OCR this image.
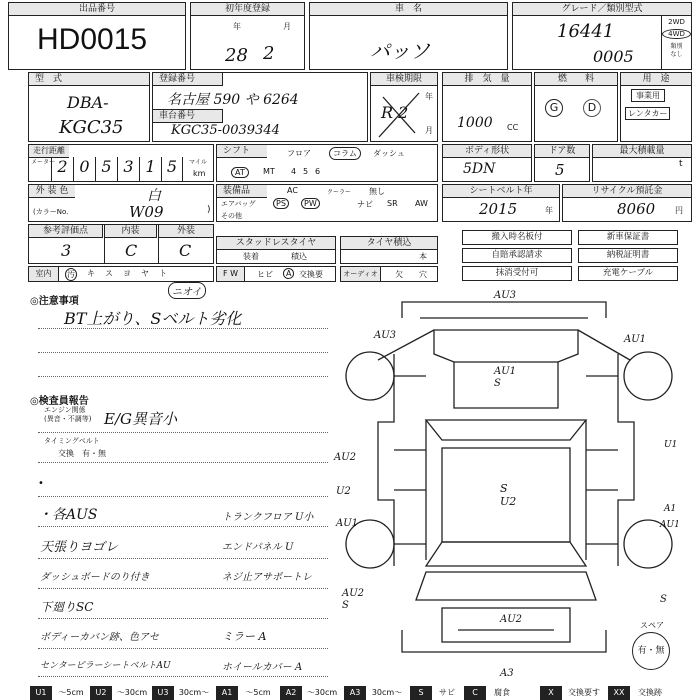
出品番号
HD0015
初年度登録
年	月
28 2
車　名
パッソ
グレード／類別型式
16441
0005
2WD
4WD
類別
なし
型　式
DBA-
KGC35
登録番号
名古屋 590 や 6264
車台番号
KGC35-0039344
車検期限
年
月
R 2
排　気　量
1000 CC
燃　　料
G	D
用　途
事業用
レンタカー
走行距離
メーター 2 0 5 3 1 5	マイル
km
シフト	フロア	コラム	ダッシュ
AT	MT 4 5 6
ボディ形状
5DN
ドア数
5
最大積載量
t
外 装 色	白
(カラーNo.	W09	)
装備品	AC	クーラー 無し
エアバッグ	PS	PW	ナビ SR AW
その他
シートベルト年
2015	年
リサイクル預託金
8060 円
参考評価点	内装	外装
3	C	C	スタッドレスタイヤ
装着	積込
タイヤ積込
本
搬入時名板付	新車保証書
自賠承認請求	納税証明書
抹消受付可	充電ケーブル
室内	汚 キ ス ヨ ヤ ト
ニオイ
F W	ヒビ	A 交換要	オーディオ	欠 穴
◎注意事項
BT上がり、Sベルト劣化
◎検査員報告
エンジン関係
(異音・不調等) E/G異音小
タイミングベルト
交換　有・無
•
・各AUS	トランクフロア U小
天張りヨゴレ	エンドパネル U
ダッシュボードのり付き	ネジ止アサポートレ
下廻りSC
ボディーカバン跡、色アセ	ミラー A
センターピラーシートベルトAU	ホイールカバー A
AU3
AU3	AU1
AU1
S
AU2
U2
AU1
S
U2
U1
A1
AU1
AU2
S
S
AU2
A3
スペア
有・無
U1	～5cm	U2	～30cm	U3	30cm～	A1	～5cm	A2	～30cm	A3	30cm～	S	サビ	C	腐食	X	交換要す	XX	交換跡
